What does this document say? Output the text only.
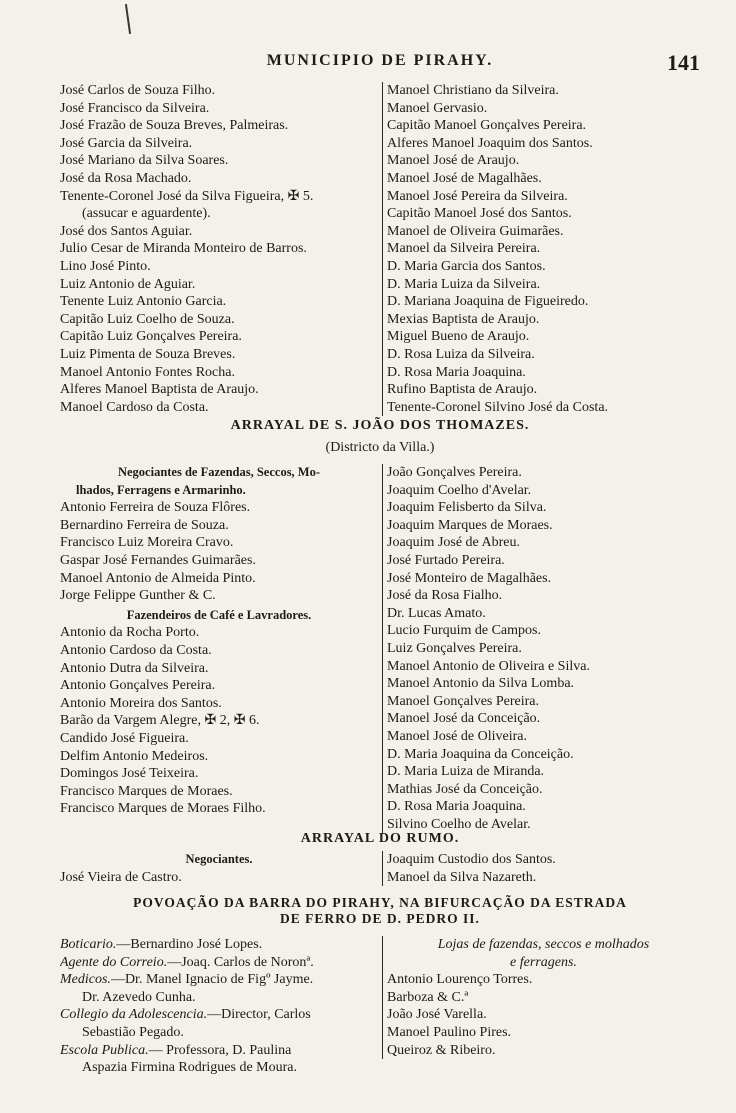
MUNICIPIO DE PIRAHY.	141
José Carlos de Souza Filho.
José Francisco da Silveira.
José Frazão de Souza Breves, Palmeiras.
José Garcia da Silveira.
José Mariano da Silva Soares.
José da Rosa Machado.
Tenente-Coronel José da Silva Figueira, ✠ 5.
(assucar e aguardente).
José dos Santos Aguiar.
Julio Cesar de Miranda Monteiro de Barros.
Lino José Pinto.
Luiz Antonio de Aguiar.
Tenente Luiz Antonio Garcia.
Capitão Luiz Coelho de Souza.
Capitão Luiz Gonçalves Pereira.
Luiz Pimenta de Souza Breves.
Manoel Antonio Fontes Rocha.
Alferes Manoel Baptista de Araujo.
Manoel Cardoso da Costa.
Manoel Christiano da Silveira.
Manoel Gervasio.
Capitão Manoel Gonçalves Pereira.
Alferes Manoel Joaquim dos Santos.
Manoel José de Araujo.
Manoel José de Magalhães.
Manoel José Pereira da Silveira.
Capitão Manoel José dos Santos.
Manoel de Oliveira Guimarães.
Manoel da Silveira Pereira.
D. Maria Garcia dos Santos.
D. Maria Luiza da Silveira.
D. Mariana Joaquina de Figueiredo.
Mexias Baptista de Araujo.
Miguel Bueno de Araujo.
D. Rosa Luiza da Silveira.
D. Rosa Maria Joaquina.
Rufino Baptista de Araujo.
Tenente-Coronel Silvino José da Costa.
ARRAYAL DE S. JOÃO DOS THOMAZES.
(Districto da Villa.)
Negociantes de Fazendas, Seccos, Mo-
lhados, Ferragens e Armarinho.
Antonio Ferreira de Souza Flôres.
Bernardino Ferreira de Souza.
Francisco Luiz Moreira Cravo.
Gaspar José Fernandes Guimarães.
Manoel Antonio de Almeida Pinto.
Jorge Felippe Gunther & C.
Fazendeiros de Café e Lavradores.
Antonio da Rocha Porto.
Antonio Cardoso da Costa.
Antonio Dutra da Silveira.
Antonio Gonçalves Pereira.
Antonio Moreira dos Santos.
Barão da Vargem Alegre, ✠ 2, ✠ 6.
Candido José Figueira.
Delfim Antonio Medeiros.
Domingos José Teixeira.
Francisco Marques de Moraes.
Francisco Marques de Moraes Filho.
João Gonçalves Pereira.
Joaquim Coelho d'Avelar.
Joaquim Felisberto da Silva.
Joaquim Marques de Moraes.
Joaquim José de Abreu.
José Furtado Pereira.
José Monteiro de Magalhães.
José da Rosa Fialho.
Dr. Lucas Amato.
Lucio Furquim de Campos.
Luiz Gonçalves Pereira.
Manoel Antonio de Oliveira e Silva.
Manoel Antonio da Silva Lomba.
Manoel Gonçalves Pereira.
Manoel José da Conceição.
Manoel José de Oliveira.
D. Maria Joaquina da Conceição.
D. Maria Luiza de Miranda.
Mathias José da Conceição.
D. Rosa Maria Joaquina.
Silvino Coelho de Avelar.
ARRAYAL DO RUMO.
Negociantes.
José Vieira de Castro.
Joaquim Custodio dos Santos.
Manoel da Silva Nazareth.
POVOAÇÃO DA BARRA DO PIRAHY, NA BIFURCAÇÃO DA ESTRADA
DE FERRO DE D. PEDRO II.
Boticario.—Bernardino José Lopes.
Agente do Correio.—Joaq. Carlos de Noronª.
Medicos.—Dr. Manel Ignacio de Figº Jayme.
Dr. Azevedo Cunha.
Collegio da Adolescencia.—Director, Carlos
Sebastião Pegado.
Escola Publica.— Professora, D. Paulina
Aspazia Firmina Rodrigues de Moura.
Lojas de fazendas, seccos e molhados
e ferragens.
Antonio Lourenço Torres.
Barboza & C.ª
João José Varella.
Manoel Paulino Pires.
Queiroz & Ribeiro.
